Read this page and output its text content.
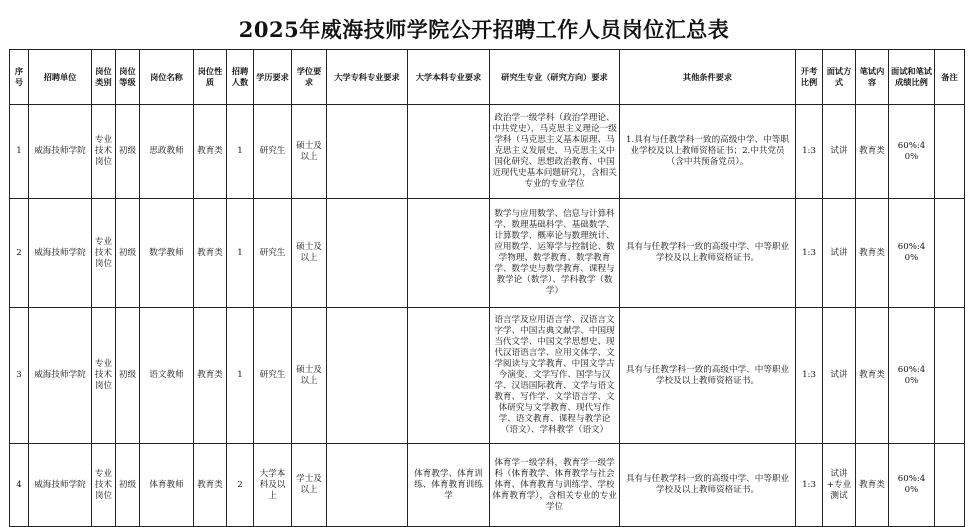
2025年威海技师学院公开招聘工作人员岗位汇总表
序号	招聘单位	岗位类别	岗位等级	岗位名称	岗位性质	招聘人数	学历要求	学位要求	大学专科专业要求	大学本科专业要求	研究生专业（研究方向）要求	其他条件要求	开考比例	面试方式	笔试内容	面试和笔试成绩比例	备注
1	威海技师学院	专业技术岗位	初级	思政教师	教育类	1	研究生	硕士及以上			政治学一级学科（政治学理论、中共党史），马克思主义理论一级学科（马克思主义基本原理、马克思主义发展史、马克思主义中国化研究、思想政治教育、中国近现代史基本问题研究），含相关专业的专业学位	1.具有与任教学科一致的高级中学、中等职业学校及以上教师资格证书；2.中共党员（含中共预备党员）。	1:3	试讲	教育类	60%:40%	
2	威海技师学院	专业技术岗位	初级	数学教师	教育类	1	研究生	硕士及以上			数学与应用数学、信息与计算科学、数理基础科学、基础数学、计算数学、概率论与数理统计、应用数学、运筹学与控制论、数学物理、数学教育、数学教育学、数学史与数学教育、课程与教学论（数学）、学科教学（数学）	具有与任教学科一致的高级中学、中等职业学校及以上教师资格证书。	1:3	试讲	教育类	60%:40%	
3	威海技师学院	专业技术岗位	初级	语文教师	教育类	1	研究生	硕士及以上			语言学及应用语言学、汉语言文字学、中国古典文献学、中国现当代文学、中国文学思想史、现代汉语语言学、应用文体学、文学阅读与文学教育、中国文学古今演变、文学写作、国学与汉学、汉语国际教育、文学与语文教育、写作学、文学语言学、文体研究与文学教育、现代写作学、语文教育、课程与教学论（语文）、学科教学（语文）	具有与任教学科一致的高级中学、中等职业学校及以上教师资格证书。	1:3	试讲	教育类	60%:40%	
4	威海技师学院	专业技术岗位	初级	体育教师	教育类	2	大学本科及以上	学士及以上		体育教学、体育训练、体育教育训练学	体育学一级学科，教育学一级学科（体育教学、体育教学与社会体育、体育教育与训练学、学校体育教育学），含相关专业的专业学位	具有与任教学科一致的高级中学、中等职业学校及以上教师资格证书。	1:3	试讲+专业测试	教育类	60%:40%	
